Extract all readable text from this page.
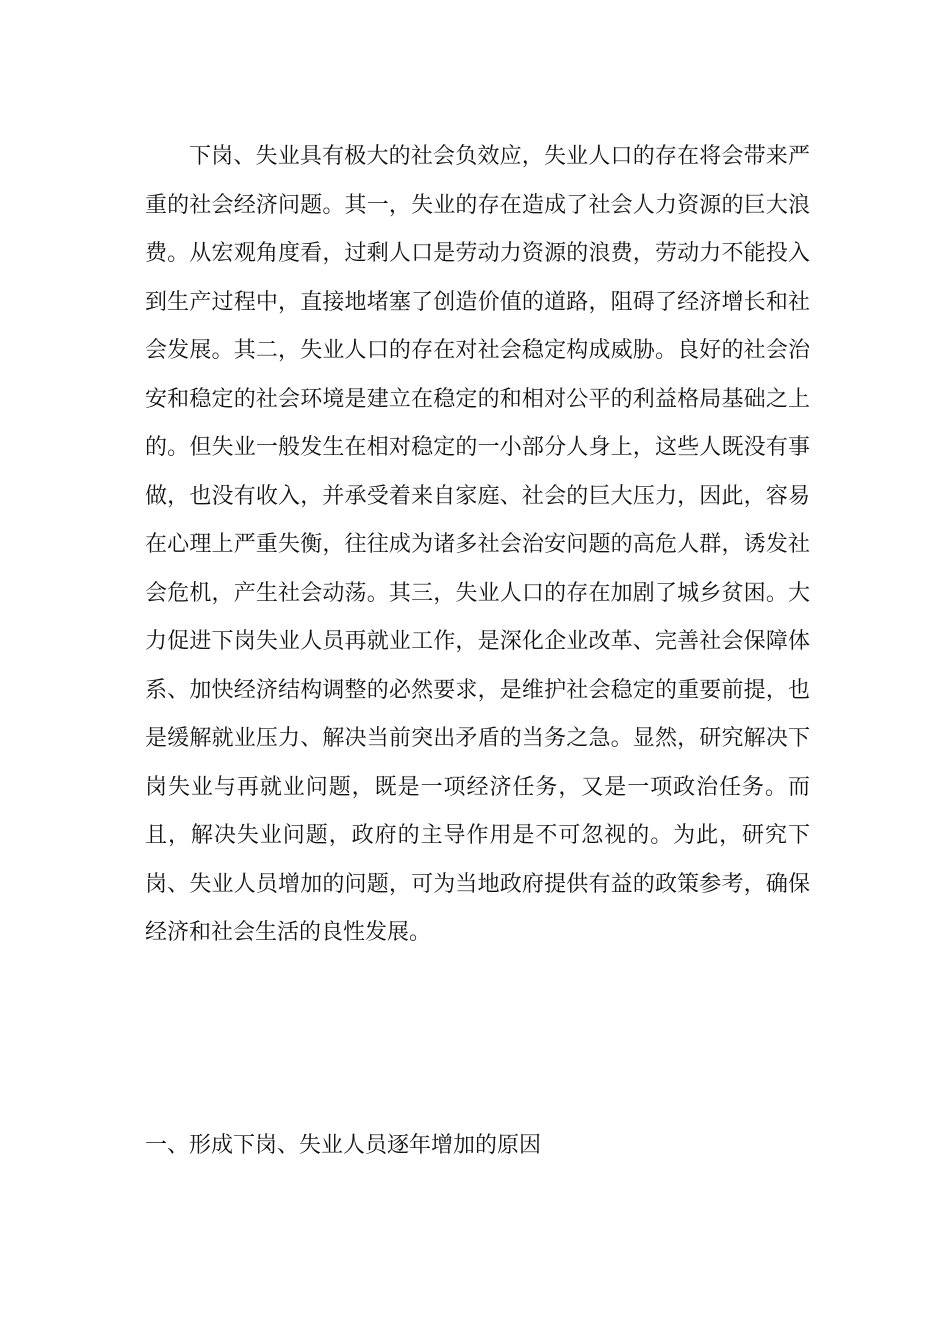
下岗、失业具有极大的社会负效应，失业人口的存在将会带来严重的社会经济问题。其一，失业的存在造成了社会人力资源的巨大浪费。从宏观角度看，过剩人口是劳动力资源的浪费，劳动力不能投入到生产过程中，直接地堵塞了创造价值的道路，阻碍了经济增长和社会发展。其二，失业人口的存在对社会稳定构成威胁。良好的社会治安和稳定的社会环境是建立在稳定的和相对公平的利益格局基础之上的。但失业一般发生在相对稳定的一小部分人身上，这些人既没有事做，也没有收入，并承受着来自家庭、社会的巨大压力，因此，容易在心理上严重失衡，往往成为诸多社会治安问题的高危人群，诱发社会危机，产生社会动荡。其三，失业人口的存在加剧了城乡贫困。大力促进下岗失业人员再就业工作，是深化企业改革、完善社会保障体系、加快经济结构调整的必然要求，是维护社会稳定的重要前提，也是缓解就业压力、解决当前突出矛盾的当务之急。显然，研究解决下岗失业与再就业问题，既是一项经济任务，又是一项政治任务。而且，解决失业问题，政府的主导作用是不可忽视的。为此，研究下岗、失业人员增加的问题，可为当地政府提供有益的政策参考，确保经济和社会生活的良性发展。

一、形成下岗、失业人员逐年增加的原因
